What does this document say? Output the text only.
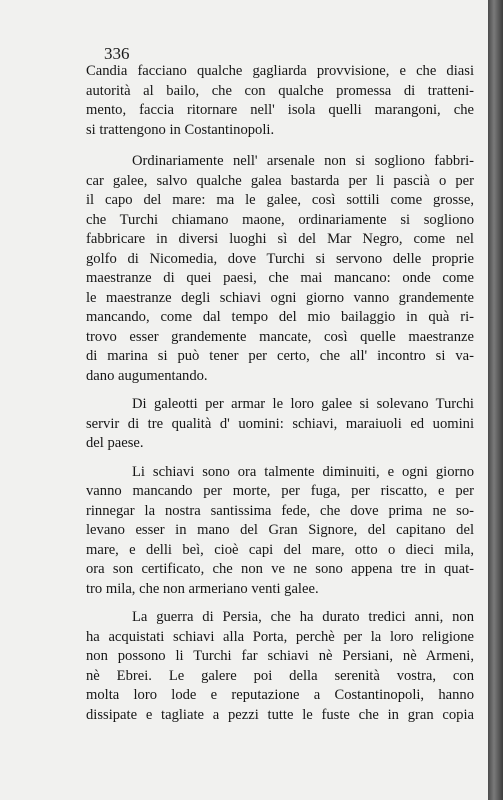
336

Candia facciano qualche gagliarda provvisione, e che diasi
autorità al bailo, che con qualche promessa di tratteni-
mento, faccia ritornare nell' isola quelli marangoni, che
si trattengono in Costantinopoli.
Ordinariamente nell' arsenale non si sogliono fabbri-
car galee, salvo qualche galea bastarda per li pascià o per
il capo del mare: ma le galee, così sottili come grosse,
che Turchi chiamano maone, ordinariamente si sogliono
fabbricare in diversi luoghi sì del Mar Negro, come nel
golfo di Nicomedia, dove Turchi si servono delle proprie
maestranze di quei paesi, che mai mancano: onde come
le maestranze degli schiavi ogni giorno vanno grandemente
mancando, come dal tempo del mio bailaggio in quà ri-
trovo esser grandemente mancate, così quelle maestranze
di marina si può tener per certo, che all' incontro si va-
dano augumentando.
Di galeotti per armar le loro galee si solevano Turchi
servir di tre qualità d' uomini: schiavi, maraiuoli ed uomini
del paese.
Li schiavi sono ora talmente diminuiti, e ogni giorno
vanno mancando per morte, per fuga, per riscatto, e per
rinnegar la nostra santissima fede, che dove prima ne so-
levano esser in mano del Gran Signore, del capitano del
mare, e delli beì, cioè capi del mare, otto o dieci mila,
ora son certificato, che non ve ne sono appena tre in quat-
tro mila, che non armeriano venti galee.
La guerra di Persia, che ha durato tredici anni, non
ha acquistati schiavi alla Porta, perchè per la loro religione
non possono li Turchi far schiavi nè Persiani, nè Armeni,
nè Ebrei. Le galere poi della serenità vostra, con
molta loro lode e reputazione a Costantinopoli, hanno
dissipate e tagliate a pezzi tutte le fuste che in gran copia
